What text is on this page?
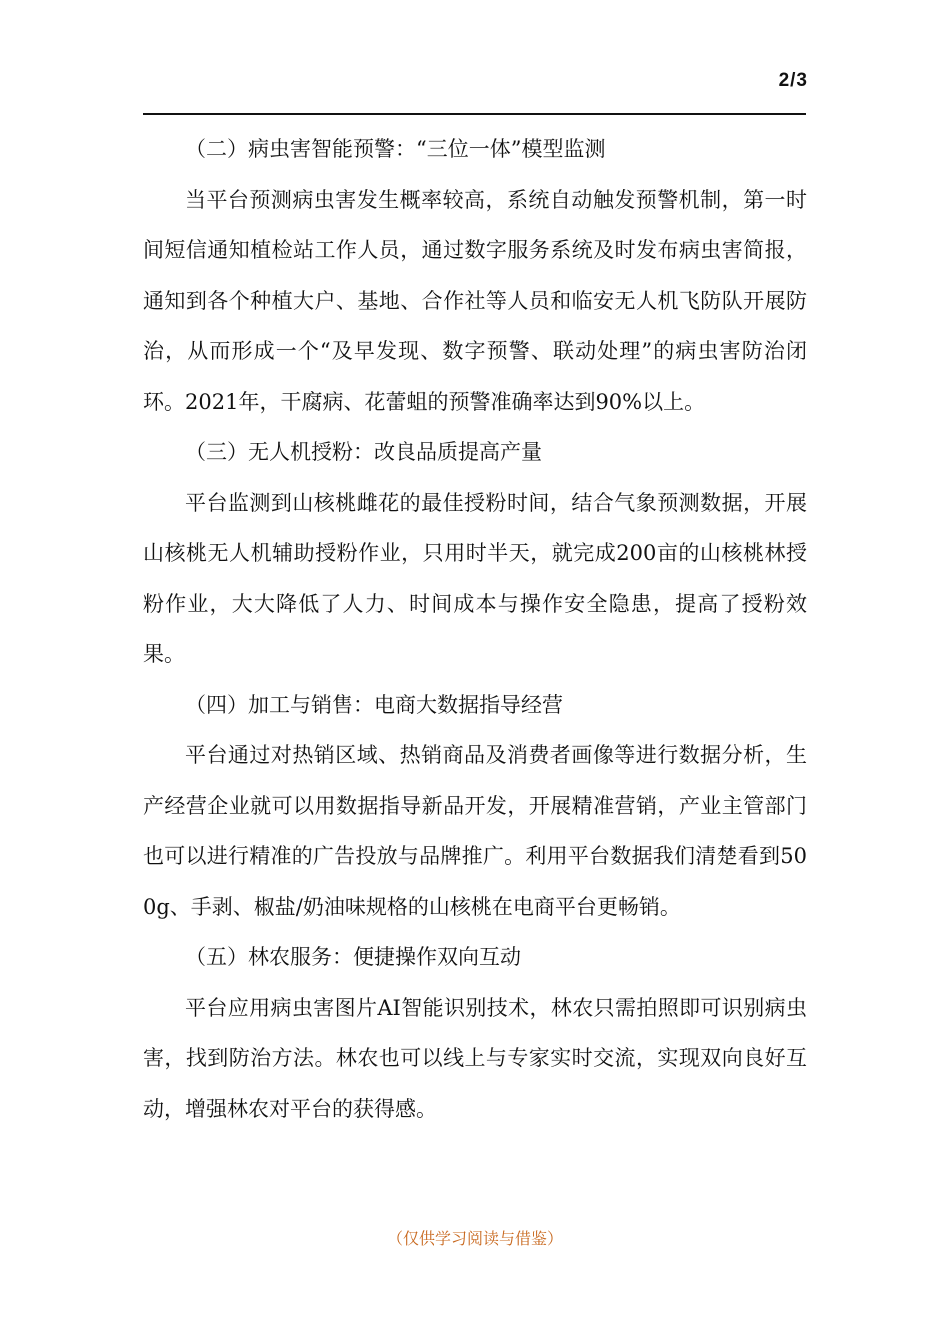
2/3

（二）病虫害智能预警：“三位一体”模型监测

当平台预测病虫害发生概率较高，系统自动触发预警机制，第一时间短信通知植检站工作人员，通过数字服务系统及时发布病虫害简报，通知到各个种植大户、基地、合作社等人员和临安无人机飞防队开展防治，从而形成一个“及早发现、数字预警、联动处理”的病虫害防治闭环。2021年，干腐病、花蕾蛆的预警准确率达到90%以上。

（三）无人机授粉：改良品质提高产量

平台监测到山核桃雌花的最佳授粉时间，结合气象预测数据，开展山核桃无人机辅助授粉作业，只用时半天，就完成200亩的山核桃林授粉作业，大大降低了人力、时间成本与操作安全隐患，提高了授粉效果。

（四）加工与销售：电商大数据指导经营

平台通过对热销区域、热销商品及消费者画像等进行数据分析，生产经营企业就可以用数据指导新品开发，开展精准营销，产业主管部门也可以进行精准的广告投放与品牌推广。利用平台数据我们清楚看到500g、手剥、椒盐/奶油味规格的山核桃在电商平台更畅销。

（五）林农服务：便捷操作双向互动

平台应用病虫害图片AI智能识别技术，林农只需拍照即可识别病虫害，找到防治方法。林农也可以线上与专家实时交流，实现双向良好互动，增强林农对平台的获得感。

（仅供学习阅读与借鉴）
